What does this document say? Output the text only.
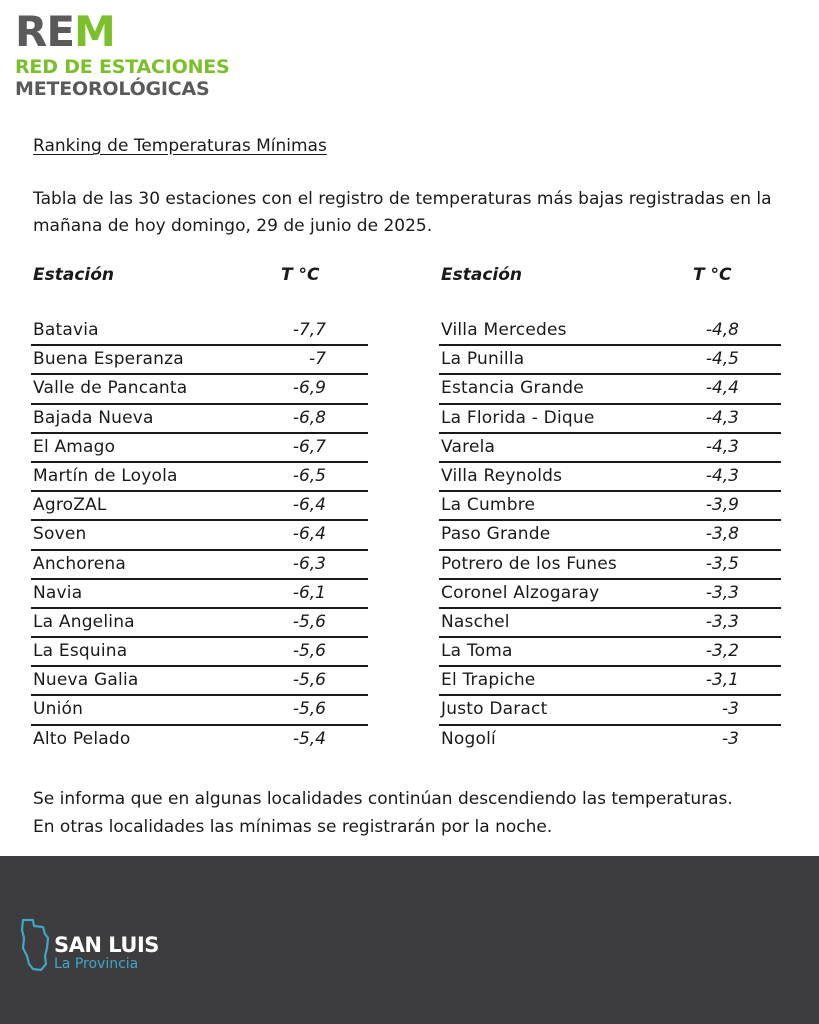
REM
RED DE ESTACIONES
METEOROLÓGICAS
Ranking de Temperaturas Mínimas
Tabla de las 30 estaciones con el registro de temperaturas más bajas registradas en la mañana de hoy domingo, 29 de junio de 2025.
Estación	T °C
Batavia	-7,7
Buena Esperanza	-7
Valle de Pancanta	-6,9
Bajada Nueva	-6,8
El Amago	-6,7
Martín de Loyola	-6,5
AgroZAL	-6,4
Soven	-6,4
Anchorena	-6,3
Navia	-6,1
La Angelina	-5,6
La Esquina	-5,6
Nueva Galia	-5,6
Unión	-5,6
Alto Pelado	-5,4
Estación	T °C
Villa Mercedes	-4,8
La Punilla	-4,5
Estancia Grande	-4,4
La Florida - Dique	-4,3
Varela	-4,3
Villa Reynolds	-4,3
La Cumbre	-3,9
Paso Grande	-3,8
Potrero de los Funes	-3,5
Coronel Alzogaray	-3,3
Naschel	-3,3
La Toma	-3,2
El Trapiche	-3,1
Justo Daract	-3
Nogolí	-3
Se informa que en algunas localidades continúan descendiendo las temperaturas.
En otras localidades las mínimas se registrarán por la noche.
SAN LUIS
La Provincia
